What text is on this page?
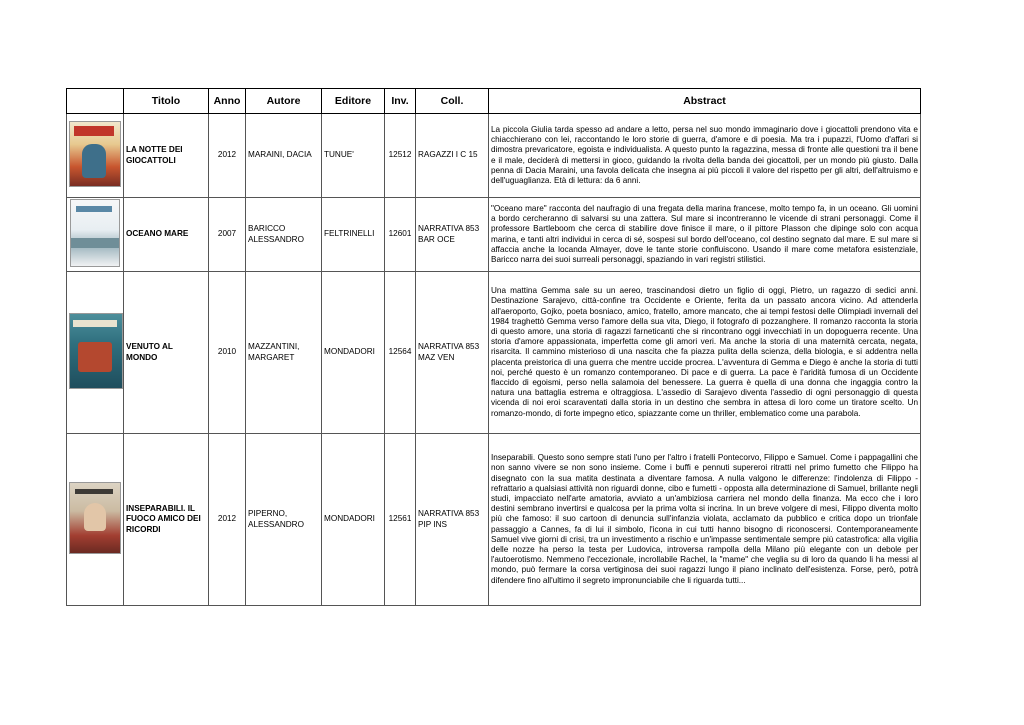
	Titolo	Anno	Autore	Editore	Inv.	Coll.	Abstract

	LA NOTTE DEI GIOCATTOLI	2012	MARAINI, DACIA	TUNUE'	12512	RAGAZZI I C 15	La piccola Giulia tarda spesso ad andare a letto, persa nel suo mondo immaginario dove i giocattoli prendono vita e chiacchierano con lei, raccontando le loro storie di guerra, d'amore e di poesia. Ma tra i pupazzi, l'Uomo d'affari si dimostra prevaricatore, egoista e individualista. A questo punto la ragazzina, messa di fronte alle questioni tra il bene e il male, deciderà di mettersi in gioco, guidando la rivolta della banda dei giocattoli, per un mondo più giusto. Dalla penna di Dacia Maraini, una favola delicata che insegna ai più piccoli il valore del rispetto per gli altri, dell'altruismo e dell'uguaglianza. Età di lettura: da 6 anni.

	OCEANO MARE	2007	BARICCO ALESSANDRO	FELTRINELLI	12601	NARRATIVA 853 BAR OCE	"Oceano mare" racconta del naufragio di una fregata della marina francese, molto tempo fa, in un oceano. Gli uomini a bordo cercheranno di salvarsi su una zattera. Sul mare si incontreranno le vicende di strani personaggi. Come il professore Bartleboom che cerca di stabilire dove finisce il mare, o il pittore Plasson che dipinge solo con acqua marina, e tanti altri individui in cerca di sé, sospesi sul bordo dell'oceano, col destino segnato dal mare. E sul mare si affaccia anche la locanda Almayer, dove le tante storie confluiscono. Usando il mare come metafora esistenziale, Baricco narra dei suoi surreali personaggi, spaziando in vari registri stilistici.

	VENUTO AL MONDO	2010	MAZZANTINI, MARGARET	MONDADORI	12564	NARRATIVA 853 MAZ VEN	Una mattina Gemma sale su un aereo, trascinandosi dietro un figlio di oggi, Pietro, un ragazzo di sedici anni. Destinazione Sarajevo, città-confine tra Occidente e Oriente, ferita da un passato ancora vicino. Ad attenderla all'aeroporto, Gojko, poeta bosniaco, amico, fratello, amore mancato, che ai tempi festosi delle Olimpiadi invernali del 1984 traghettò Gemma verso l'amore della sua vita, Diego, il fotografo di pozzanghere. Il romanzo racconta la storia di questo amore, una storia di ragazzi farneticanti che si rincontrano oggi invecchiati in un dopoguerra recente. Una storia d'amore appassionata, imperfetta come gli amori veri. Ma anche la storia di una maternità cercata, negata, risarcita. Il cammino misterioso di una nascita che fa piazza pulita della scienza, della biologia, e si addentra nella placenta preistorica di una guerra che mentre uccide procrea. L'avventura di Gemma e Diego è anche la storia di tutti noi, perché questo è un romanzo contemporaneo. Di pace e di guerra. La pace è l'aridità fumosa di un Occidente flaccido di egoismi, perso nella salamoia del benessere. La guerra è quella di una donna che ingaggia contro la natura una battaglia estrema e oltraggiosa. L'assedio di Sarajevo diventa l'assedio di ogni personaggio di questa vicenda di noi eroi scaraventati dalla storia in un destino che sembra in attesa di loro come un tiratore scelto. Un romanzo-mondo, di forte impegno etico, spiazzante come un thriller, emblematico come una parabola.

	INSEPARABILI. IL FUOCO AMICO DEI RICORDI	2012	PIPERNO, ALESSANDRO	MONDADORI	12561	NARRATIVA 853 PIP INS	Inseparabili. Questo sono sempre stati l'uno per l'altro i fratelli Pontecorvo, Filippo e Samuel. Come i pappagallini che non sanno vivere se non sono insieme. Come i buffi e pennuti supereroi ritratti nel primo fumetto che Filippo ha disegnato con la sua matita destinata a diventare famosa. A nulla valgono le differenze: l'indolenza di Filippo - refrattario a qualsiasi attività non riguardi donne, cibo e fumetti - opposta alla determinazione di Samuel, brillante negli studi, impacciato nell'arte amatoria, avviato a un'ambiziosa carriera nel mondo della finanza. Ma ecco che i loro destini sembrano invertirsi e qualcosa per la prima volta si incrina. In un breve volgere di mesi, Filippo diventa molto più che famoso: il suo cartoon di denuncia sull'infanzia violata, acclamato da pubblico e critica dopo un trionfale passaggio a Cannes, fa di lui il simbolo, l'icona in cui tutti hanno bisogno di riconoscersi. Contemporaneamente Samuel vive giorni di crisi, tra un investimento a rischio e un'impasse sentimentale sempre più catastrofica: alla vigilia delle nozze ha perso la testa per Ludovica, introversa rampolla della Milano più elegante con un debole per l'autoerotismo. Nemmeno l'eccezionale, incrollabile Rachel, la "mame" che veglia su di loro da quando li ha messi al mondo, può fermare la corsa vertiginosa dei suoi ragazzi lungo il piano inclinato dell'esistenza. Forse, però, potrà difendere fino all'ultimo il segreto impronunciabile che li riguarda tutti...
